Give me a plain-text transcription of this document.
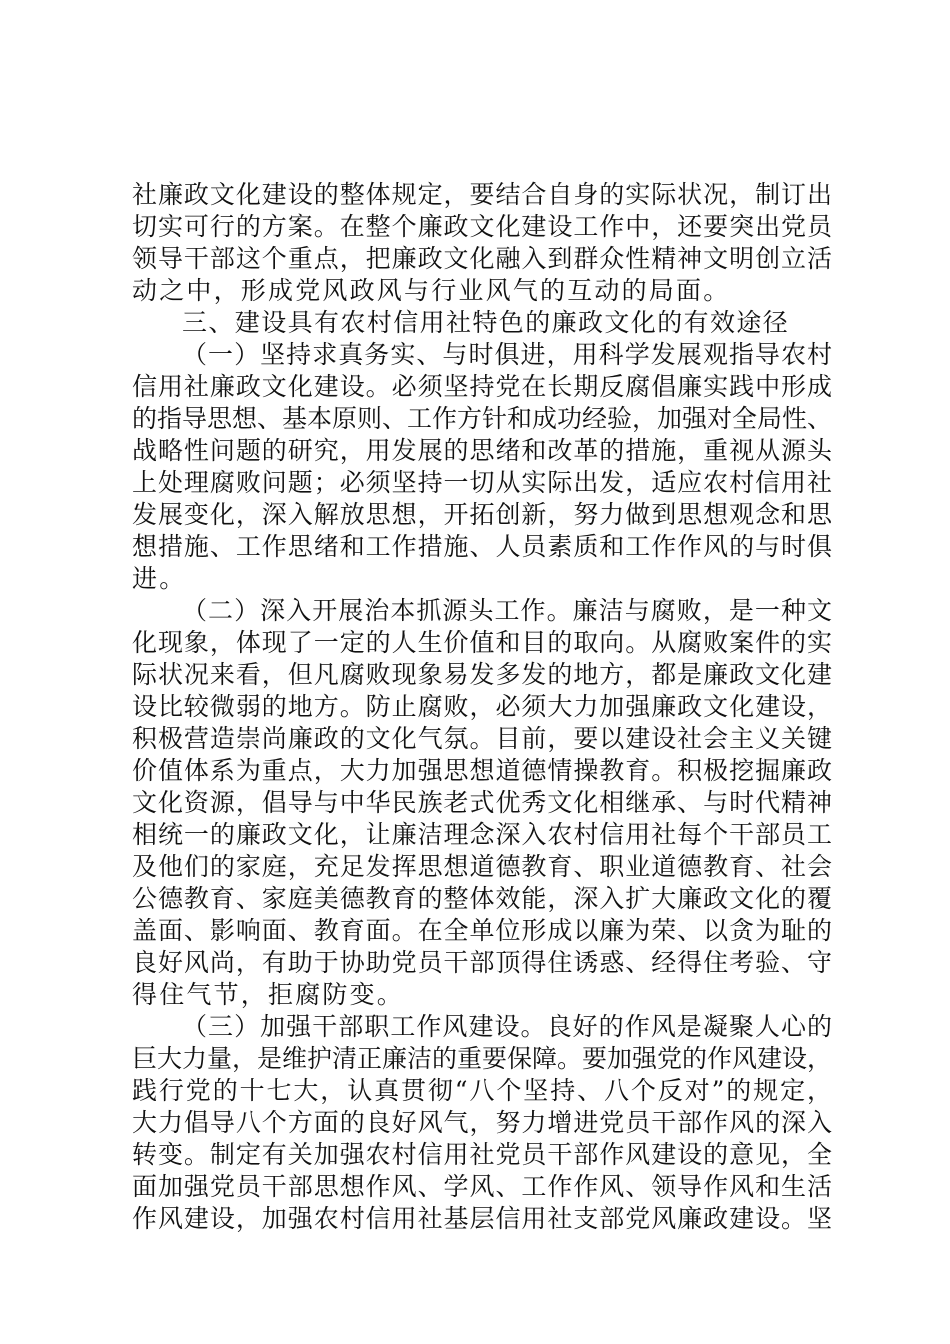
社廉政文化建设的整体规定，要结合自身的实际状况，制订出
切实可行的方案。在整个廉政文化建设工作中，还要突出党员
领导干部这个重点，把廉政文化融入到群众性精神文明创立活
动之中，形成党风政风与行业风气的互动的局面。
三、建设具有农村信用社特色的廉政文化的有效途径
（一）坚持求真务实、与时俱进，用科学发展观指导农村
信用社廉政文化建设。必须坚持党在长期反腐倡廉实践中形成
的指导思想、基本原则、工作方针和成功经验，加强对全局性、
战略性问题的研究，用发展的思绪和改革的措施，重视从源头
上处理腐败问题；必须坚持一切从实际出发，适应农村信用社
发展变化，深入解放思想，开拓创新，努力做到思想观念和思
想措施、工作思绪和工作措施、人员素质和工作作风的与时俱
进。
（二）深入开展治本抓源头工作。廉洁与腐败，是一种文
化现象，体现了一定的人生价值和目的取向。从腐败案件的实
际状况来看，但凡腐败现象易发多发的地方，都是廉政文化建
设比较微弱的地方。防止腐败，必须大力加强廉政文化建设，
积极营造崇尚廉政的文化气氛。目前，要以建设社会主义关键
价值体系为重点，大力加强思想道德情操教育。积极挖掘廉政
文化资源，倡导与中华民族老式优秀文化相继承、与时代精神
相统一的廉政文化，让廉洁理念深入农村信用社每个干部员工
及他们的家庭，充足发挥思想道德教育、职业道德教育、社会
公德教育、家庭美德教育的整体效能，深入扩大廉政文化的覆
盖面、影响面、教育面。在全单位形成以廉为荣、以贪为耻的
良好风尚，有助于协助党员干部顶得住诱惑、经得住考验、守
得住气节，拒腐防变。
（三）加强干部职工作风建设。良好的作风是凝聚人心的
巨大力量，是维护清正廉洁的重要保障。要加强党的作风建设，
践行党的十七大，认真贯彻“八个坚持、八个反对”的规定，
大力倡导八个方面的良好风气，努力增进党员干部作风的深入
转变。制定有关加强农村信用社党员干部作风建设的意见，全
面加强党员干部思想作风、学风、工作作风、领导作风和生活
作风建设，加强农村信用社基层信用社支部党风廉政建设。坚
